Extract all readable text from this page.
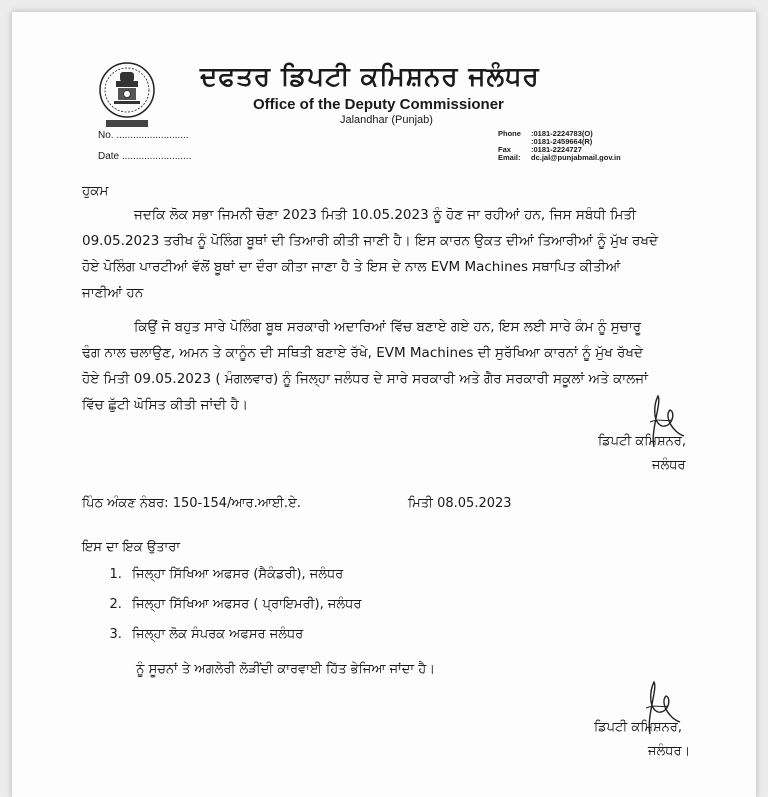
ਦਫਤਰ ਡਿਪਟੀ ਕਮਿਸ਼ਨਰ ਜਲੰਧਰ
Office of the Deputy Commissioner
Jalandhar (Punjab)
No. ..........................
Date .........................
Phone :0181-2224783(O)
:0181-2459664(R)
Fax	:0181-2224727
Email: dc.jal@punjabmail.gov.in
ਹੁਕਮ
ਜਦਕਿ ਲੋਕ ਸਭਾ ਜਿਮਨੀ ਚੋਣਾ 2023 ਮਿਤੀ 10.05.2023 ਨੂੰ ਹੋਣ ਜਾ ਰਹੀਆਂ ਹਨ, ਜਿਸ ਸਬੰਧੀ ਮਿਤੀ
09.05.2023 ਤਰੀਖ ਨੂੰ ਪੋਲਿੰਗ ਬੂਥਾਂ ਦੀ ਤਿਆਰੀ ਕੀਤੀ ਜਾਣੀ ਹੈ। ਇਸ ਕਾਰਨ ਉਕਤ ਦੀਆਂ ਤਿਆਰੀਆਂ ਨੂੰ ਮੁੱਖ ਰਖਦੇ
ਹੋਏ ਪੋਲਿੰਗ ਪਾਰਟੀਆਂ ਵੱਲੋਂ ਬੂਥਾਂ ਦਾ ਦੌਰਾ ਕੀਤਾ ਜਾਣਾ ਹੈ ਤੇ ਇਸ ਦੇ ਨਾਲ EVM Machines ਸਥਾਪਿਤ ਕੀਤੀਆਂ
ਜਾਣੀਆਂ ਹਨ
ਕਿਉਂ ਜੋ ਬਹੁਤ ਸਾਰੇ ਪੋਲਿੰਗ ਬੂਥ ਸਰਕਾਰੀ ਅਦਾਰਿਆਂ ਵਿੱਚ ਬਣਾਏ ਗਏ ਹਨ, ਇਸ ਲਈ ਸਾਰੇ ਕੰਮ ਨੂੰ ਸੁਚਾਰੂ
ਢੰਗ ਨਾਲ ਚਲਾਉਣ, ਅਮਨ ਤੇ ਕਾਨੂੰਨ ਦੀ ਸਥਿਤੀ ਬਣਾਏ ਰੱਖੇ, EVM Machines ਦੀ ਸੁਰੱਖਿਆ ਕਾਰਨਾਂ ਨੂੰ ਮੁੱਖ ਰੱਖਦੇ
ਹੋਏ ਮਿਤੀ 09.05.2023 ( ਮੰਗਲਵਾਰ) ਨੂੰ ਜਿਲ੍ਹਾ ਜਲੰਧਰ ਦੇ ਸਾਰੇ ਸਰਕਾਰੀ ਅਤੇ ਗੈਰ ਸਰਕਾਰੀ ਸਕੂਲਾਂ ਅਤੇ ਕਾਲਜਾਂ
ਵਿੱਚ ਛੁੱਟੀ ਘੋਸਿਤ ਕੀਤੀ ਜਾਂਦੀ ਹੈ।
ਡਿਪਟੀ ਕਮਿਸ਼ਨਰ,
ਜਲੰਧਰ
ਪਿੰਠ ਅੰਕਣ ਨੰਬਰ: 150-154/ਆਰ.ਆਈ.ਏ.	ਮਿਤੀ 08.05.2023
ਇਸ ਦਾ ਇਕ ਉਤਾਰਾ
1. ਜਿਲ੍ਹਾ ਸਿੱਖਿਆ ਅਫਸਰ (ਸੈਕੰਡਰੀ), ਜਲੰਧਰ
2. ਜਿਲ੍ਹਾ ਸਿੱਖਿਆ ਅਫਸਰ ( ਪ੍ਰਾਇਮਰੀ), ਜਲੰਧਰ
3. ਜਿਲ੍ਹਾ ਲੋਕ ਸੰਪਰਕ ਅਫਸਰ ਜਲੰਧਰ
ਨੂੰ ਸੂਚਨਾਂ ਤੇ ਅਗਲੇਰੀ ਲੋੜੀਂਦੀ ਕਾਰਵਾਈ ਹਿੱਤ ਭੇਜਿਆ ਜਾਂਦਾ ਹੈ।
ਡਿਪਟੀ ਕਮਿਸ਼ਨਰ,
ਜਲੰਧਰ।
